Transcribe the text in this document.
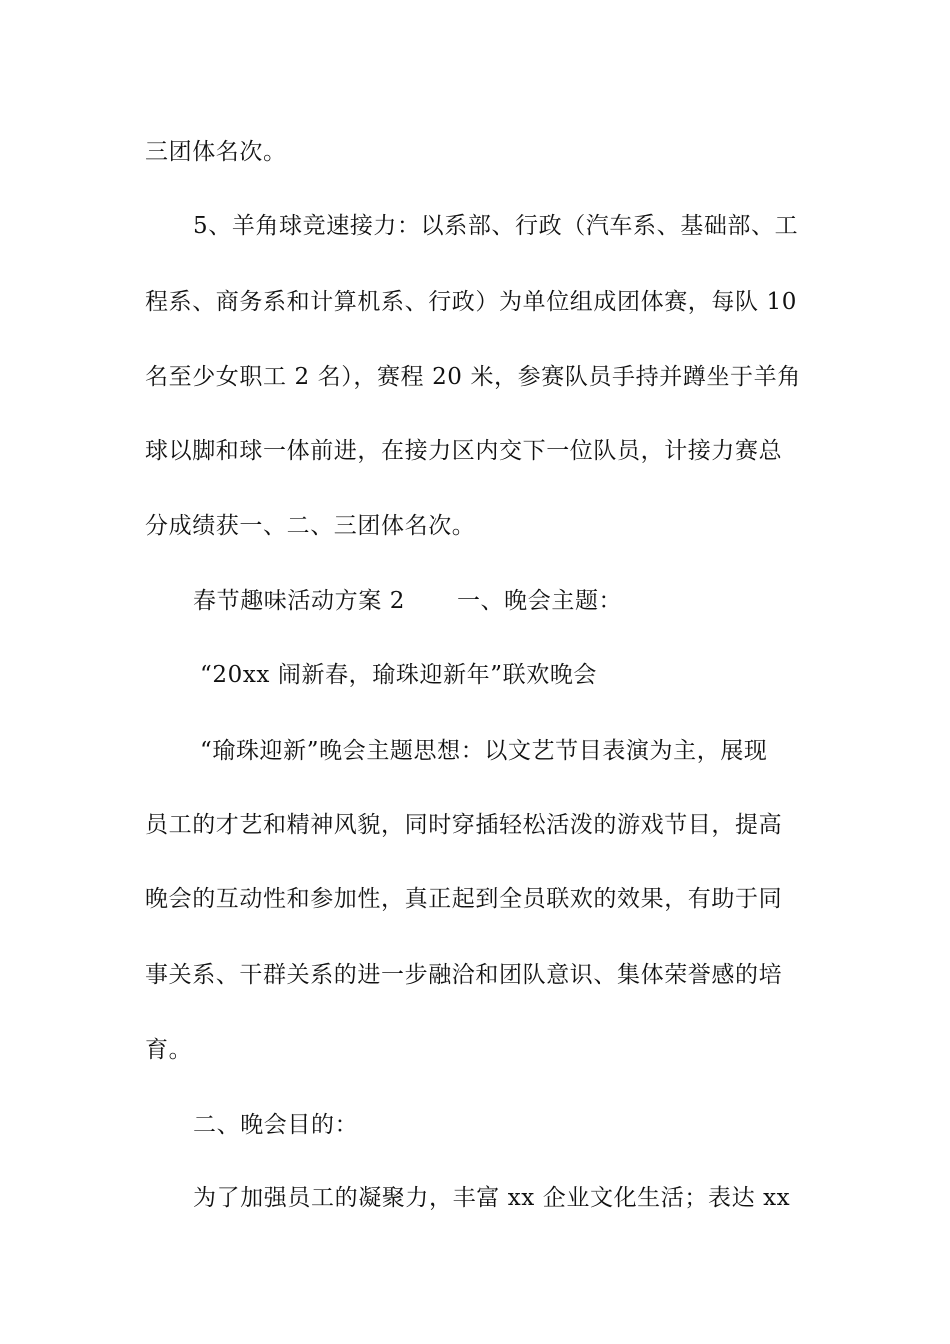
三团体名次。
5、羊角球竞速接力：以系部、行政（汽车系、基础部、工
程系、商务系和计算机系、行政）为单位组成团体赛，每队 10
名至少女职工 2 名），赛程 20 米，参赛队员手持并蹲坐于羊角
球以脚和球一体前进，在接力区内交下一位队员，计接力赛总
分成绩获一、二、三团体名次。
春节趣味活动方案 2 一、晚会主题：
“20xx 闹新春，瑜珠迎新年”联欢晚会
“瑜珠迎新”晚会主题思想：以文艺节目表演为主，展现
员工的才艺和精神风貌，同时穿插轻松活泼的游戏节目，提高
晚会的互动性和参加性，真正起到全员联欢的效果，有助于同
事关系、干群关系的进一步融洽和团队意识、集体荣誉感的培
育。
二、晚会目的：
为了加强员工的凝聚力，丰富 xx 企业文化生活；表达 xx
